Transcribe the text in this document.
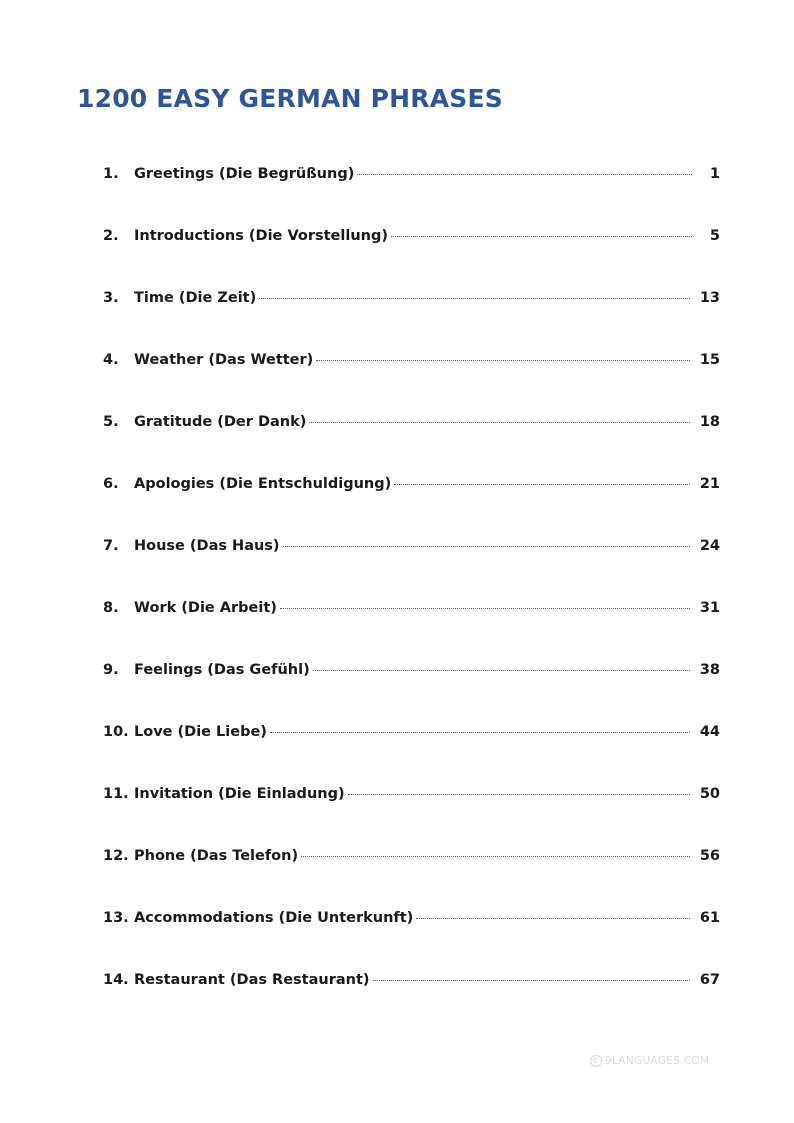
1200 EASY GERMAN PHRASES
1.	Greetings (Die Begrüßung)	1
2.	Introductions (Die Vorstellung)	5
3.	Time (Die Zeit)	13
4.	Weather (Das Wetter)	15
5.	Gratitude (Der Dank)	18
6.	Apologies (Die Entschuldigung)	21
7.	House (Das Haus)	24
8.	Work (Die Arbeit)	31
9.	Feelings (Das Gefühl)	38
10. Love (Die Liebe)	44
11. Invitation (Die Einladung)	50
12. Phone (Das Telefon)	56
13. Accommodations (Die Unterkunft)	61
14. Restaurant (Das Restaurant)	67
© 9LANGUAGES.COM
